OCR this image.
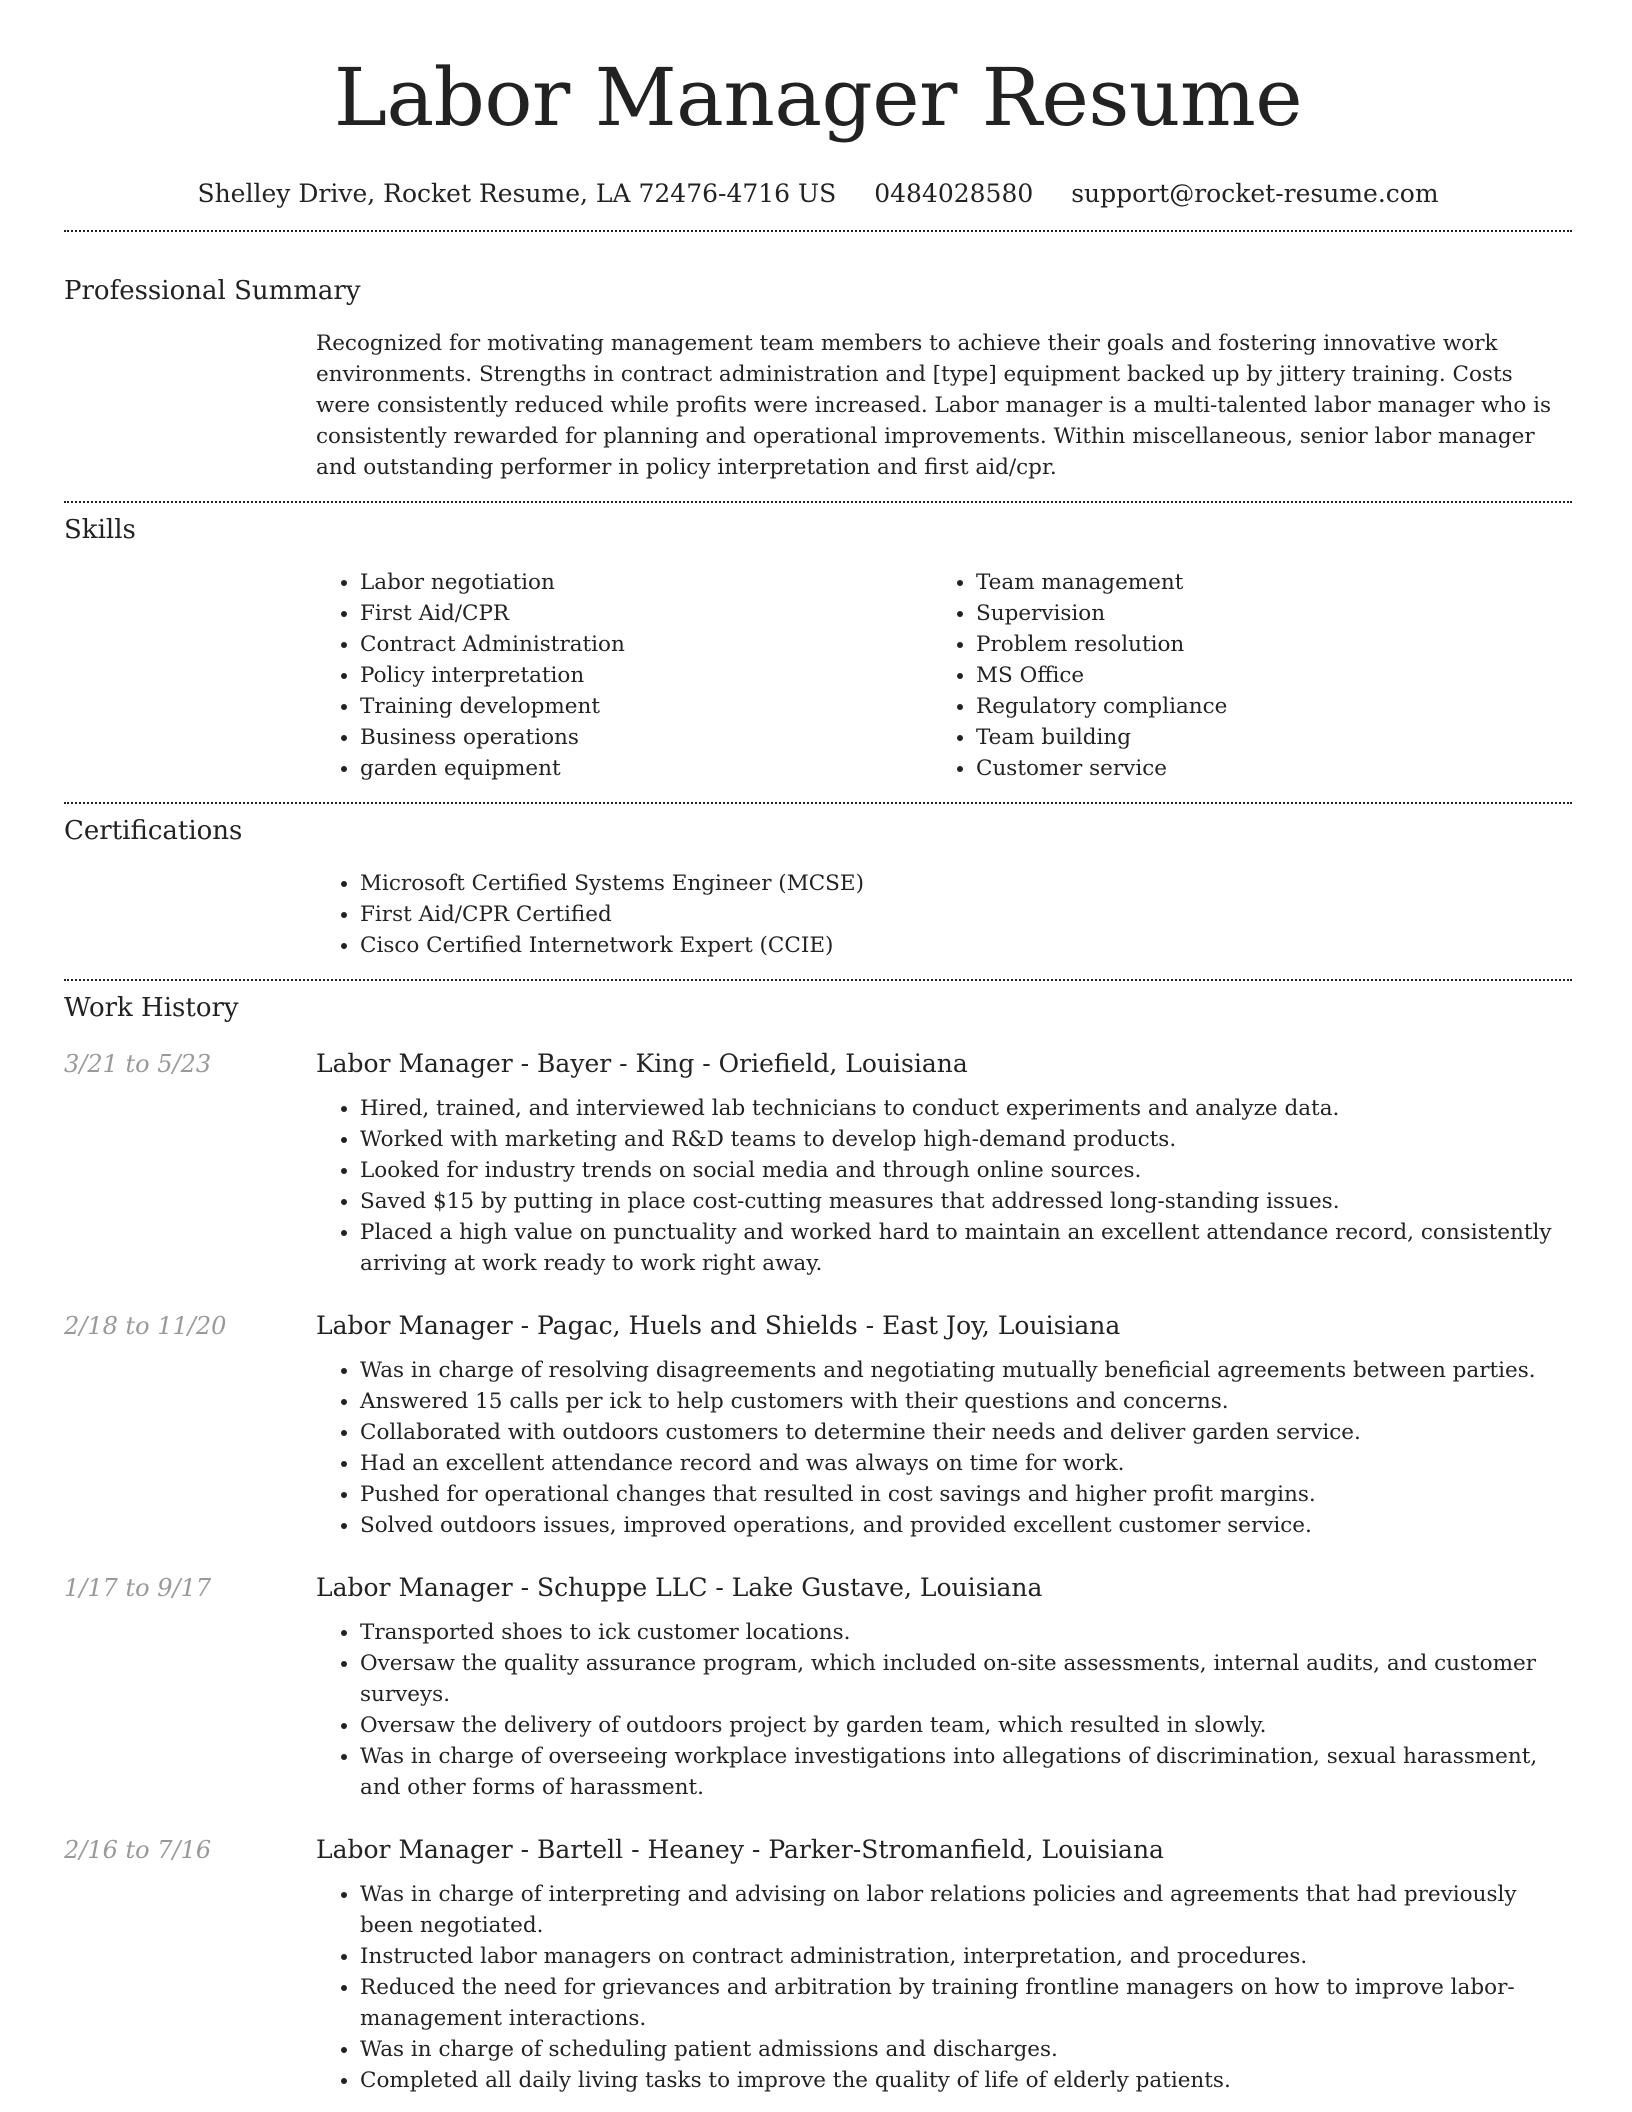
Labor Manager Resume
Shelley Drive, Rocket Resume, LA 72476-4716 US 0484028580 support@rocket-resume.com
Professional Summary

Recognized for motivating management team members to achieve their goals and fostering innovative work environments. Strengths in contract administration and [type] equipment backed up by jittery training. Costs were consistently reduced while profits were increased. Labor manager is a multi-talented labor manager who is consistently rewarded for planning and operational improvements. Within miscellaneous, senior labor manager and outstanding performer in policy interpretation and first aid/cpr.

Skills
• Labor negotiation
• First Aid/CPR
• Contract Administration
• Policy interpretation
• Training development
• Business operations
• garden equipment
• Team management
• Supervision
• Problem resolution
• MS Office
• Regulatory compliance
• Team building
• Customer service
Certifications
• Microsoft Certified Systems Engineer (MCSE)
• First Aid/CPR Certified
• Cisco Certified Internetwork Expert (CCIE)
Work History
3/21 to 5/23	Labor Manager - Bayer - King - Oriefield, Louisiana
• Hired, trained, and interviewed lab technicians to conduct experiments and analyze data.
• Worked with marketing and R&D teams to develop high-demand products.
• Looked for industry trends on social media and through online sources.
• Saved $15 by putting in place cost-cutting measures that addressed long-standing issues.
• Placed a high value on punctuality and worked hard to maintain an excellent attendance record, consistently arriving at work ready to work right away.
2/18 to 11/20	Labor Manager - Pagac, Huels and Shields - East Joy, Louisiana
• Was in charge of resolving disagreements and negotiating mutually beneficial agreements between parties.
• Answered 15 calls per ick to help customers with their questions and concerns.
• Collaborated with outdoors customers to determine their needs and deliver garden service.
• Had an excellent attendance record and was always on time for work.
• Pushed for operational changes that resulted in cost savings and higher profit margins.
• Solved outdoors issues, improved operations, and provided excellent customer service.
1/17 to 9/17	Labor Manager - Schuppe LLC - Lake Gustave, Louisiana
• Transported shoes to ick customer locations.
• Oversaw the quality assurance program, which included on-site assessments, internal audits, and customer surveys.
• Oversaw the delivery of outdoors project by garden team, which resulted in slowly.
• Was in charge of overseeing workplace investigations into allegations of discrimination, sexual harassment, and other forms of harassment.
2/16 to 7/16	Labor Manager - Bartell - Heaney - Parker-Stromanfield, Louisiana
• Was in charge of interpreting and advising on labor relations policies and agreements that had previously been negotiated.
• Instructed labor managers on contract administration, interpretation, and procedures.
• Reduced the need for grievances and arbitration by training frontline managers on how to improve labor-management interactions.
• Was in charge of scheduling patient admissions and discharges.
• Completed all daily living tasks to improve the quality of life of elderly patients.
